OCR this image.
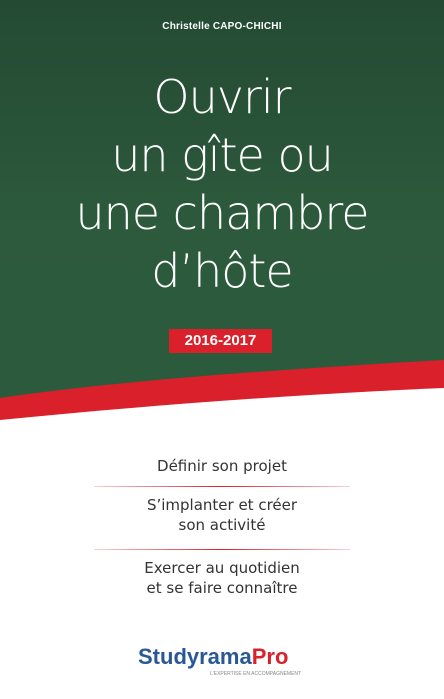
Christelle CAPO-CHICHI
Ouvrir
un gîte ou
une chambre
d’hôte
2016-2017
Définir son projet
S’implanter et créer
son activité
Exercer au quotidien
et se faire connaître
StudyramaPro
L'EXPERTISE EN ACCOMPAGNEMENT
